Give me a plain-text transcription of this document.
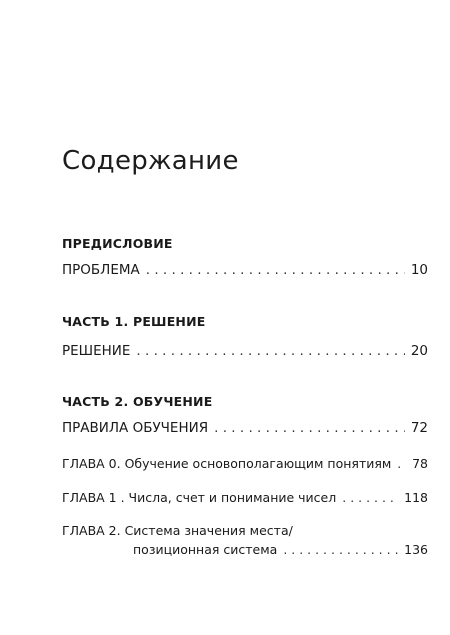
Содержание
ПРЕДИСЛОВИЕ
ПРОБЛЕМА . . .	10
ЧАСТЬ 1. РЕШЕНИЕ
РЕШЕНИЕ . . .	20
ЧАСТЬ 2. ОБУЧЕНИЕ
ПРАВИЛА ОБУЧЕНИЯ . . .	72
ГЛАВА 0. Обучение основополагающим понятиям . . . 78
ГЛАВА 1 . Числа, счет и понимание чисел . . .	118
ГЛАВА 2. Система значения места/
позиционная система . . .	136
